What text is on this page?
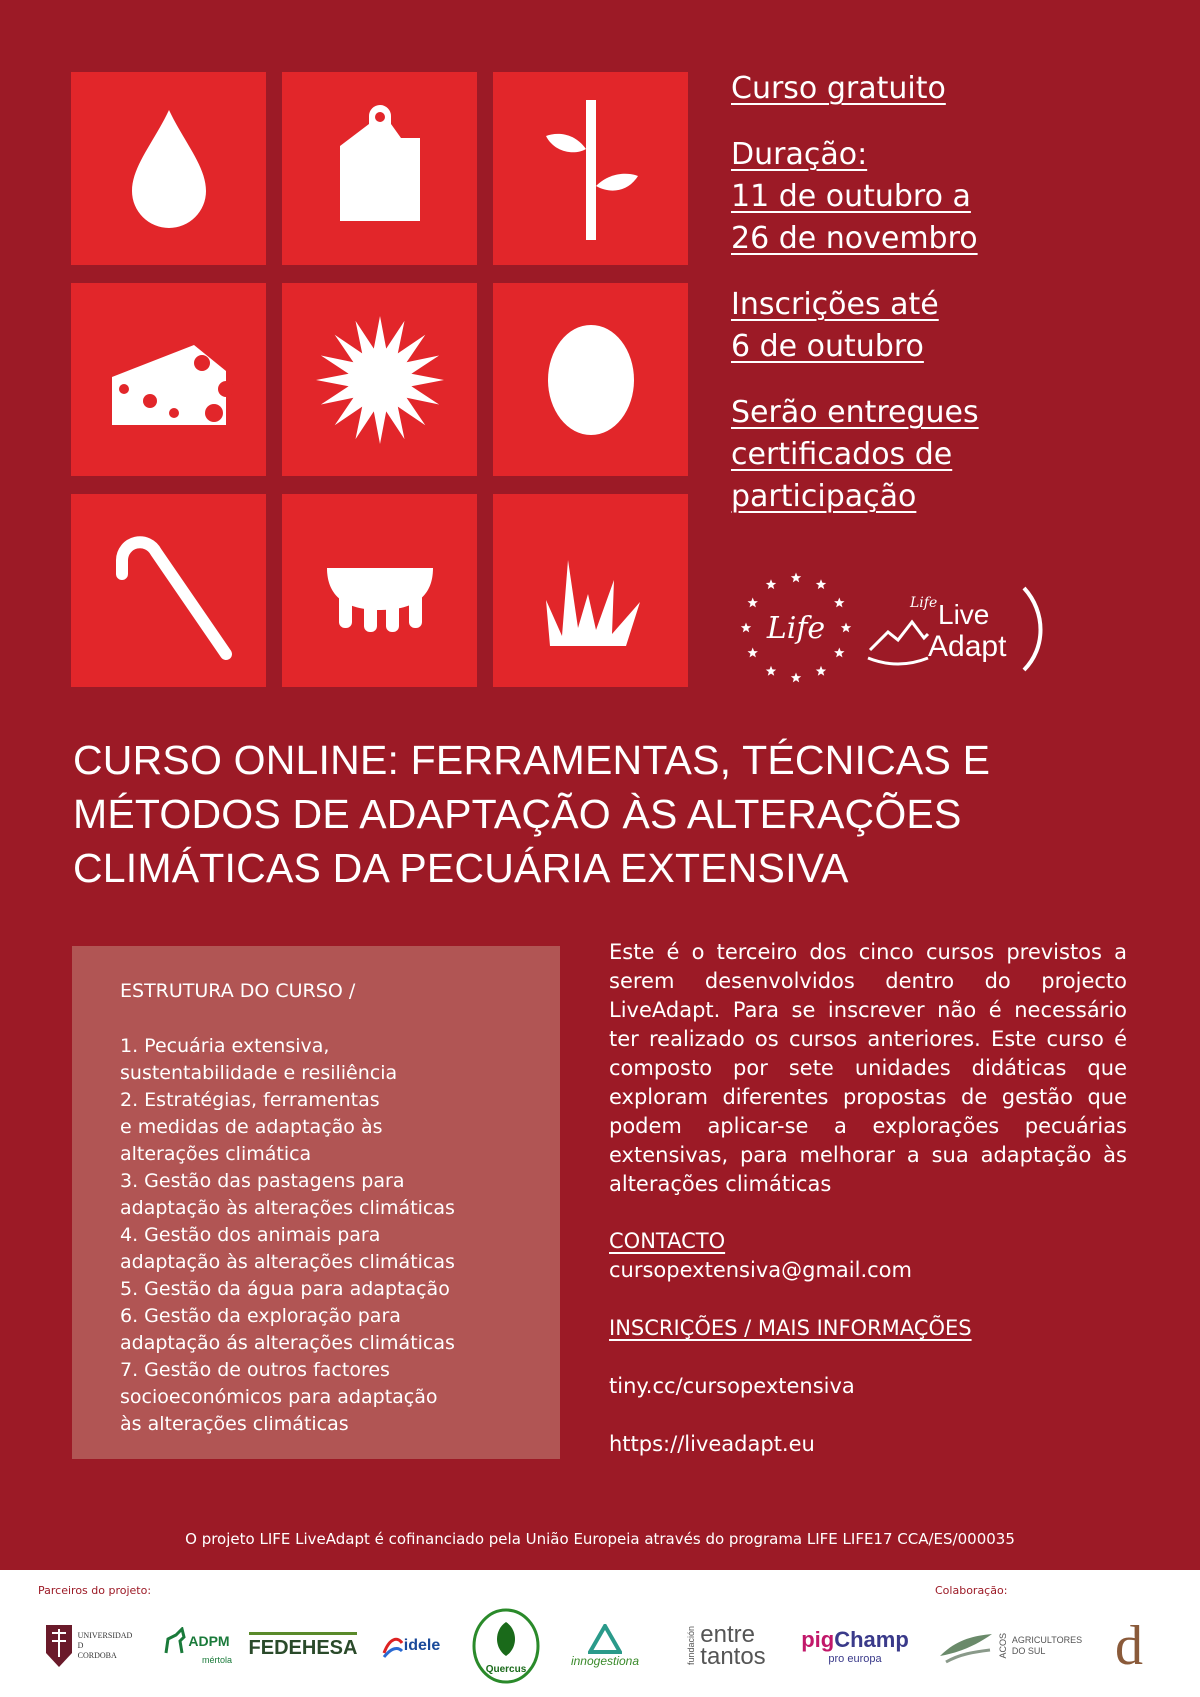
Curso gratuito
Duração:
11 de outubro a
26 de novembro
Inscrições até
6 de outubro
Serão entregues
certificados de
participação
Life
Life Live
Adapt
CURSO ONLINE: FERRAMENTAS, TÉCNICAS E
MÉTODOS DE ADAPTAÇÃO ÀS ALTERAÇÕES
CLIMÁTICAS DA PECUÁRIA EXTENSIVA
ESTRUTURA DO CURSO /
1. Pecuária extensiva,
sustentabilidade e resiliência
2. Estratégias, ferramentas
e medidas de adaptação às
alterações climática
3. Gestão das pastagens para
adaptação às alterações climáticas
4. Gestão dos animais para
adaptação às alterações climáticas
5. Gestão da água para adaptação
6. Gestão da exploração para
adaptação ás alterações climáticas
7. Gestão de outros factores
socioeconómicos para adaptação
às alterações climáticas
Este é o terceiro dos cinco cursos previstos a serem desenvolvidos dentro do projecto LiveAdapt. Para se inscrever não é necessário ter realizado os cursos anteriores. Este curso é composto por sete unidades didáticas que exploram diferentes propostas de gestão que podem aplicar-se a explorações pecuárias extensivas, para melhorar a sua adaptação às alterações climáticas
CONTACTO
cursopextensiva@gmail.com
INSCRIÇÕES / MAIS INFORMAÇÕES
tiny.cc/cursopextensiva
https://liveadapt.eu
O projeto LIFE LiveAdapt é cofinanciado pela União Europeia através do programa LIFE LIFE17 CCA/ES/000035
Parceiros do projeto:	Colaboração:
UNIVERSIDAD
D
CORDOBA
ADPM
mértola
FEDEHESA	idele
Quercus
innogestiona	fundación entre
tantos
pigChamp
pro europa
ACOS AGRICULTORES
DO SUL	d
